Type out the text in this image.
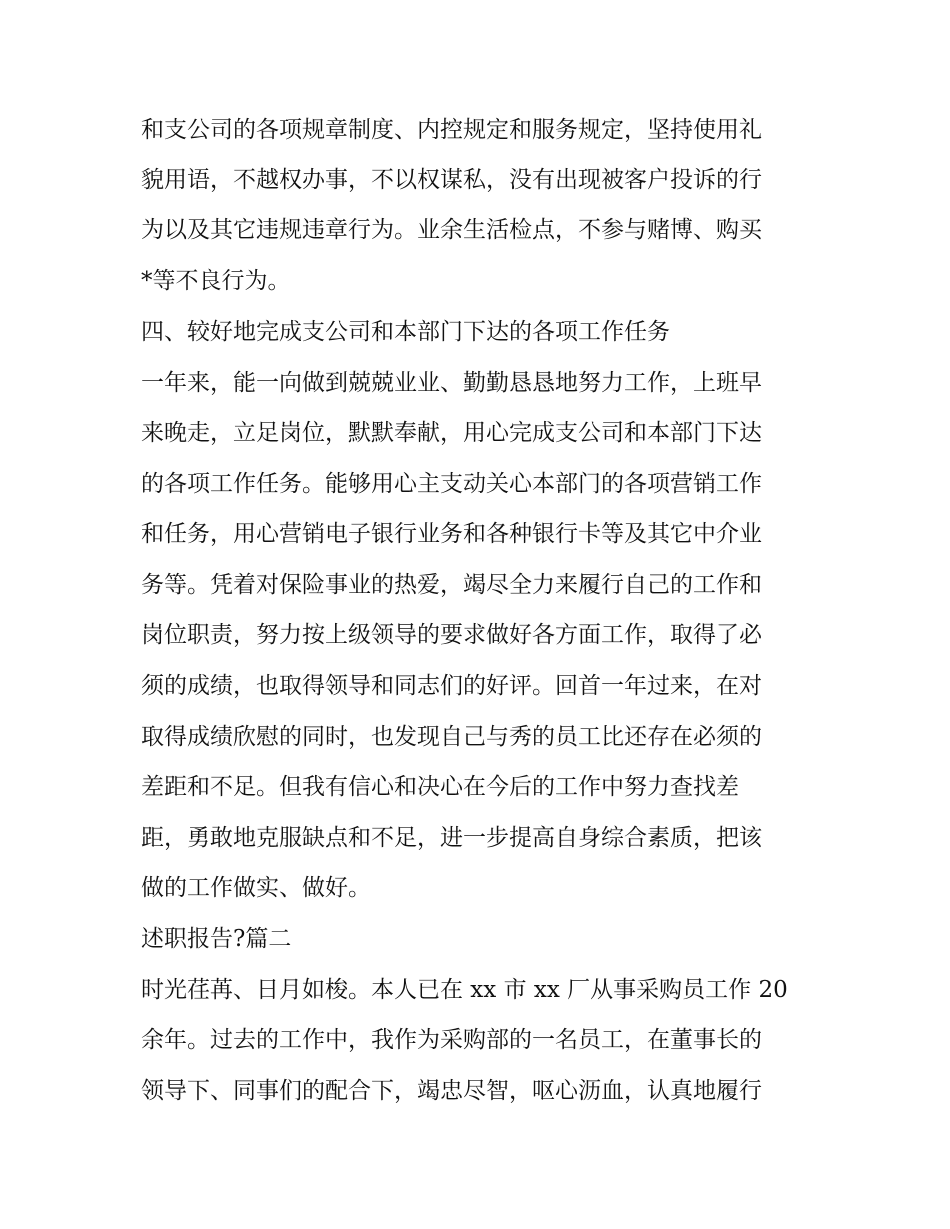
和支公司的各项规章制度、内控规定和服务规定，坚持使用礼
貌用语，不越权办事，不以权谋私，没有出现被客户投诉的行
为以及其它违规违章行为。业余生活检点，不参与赌博、购买
*等不良行为。
四、较好地完成支公司和本部门下达的各项工作任务
一年来，能一向做到兢兢业业、勤勤恳恳地努力工作，上班早
来晚走，立足岗位，默默奉献，用心完成支公司和本部门下达
的各项工作任务。能够用心主支动关心本部门的各项营销工作
和任务，用心营销电子银行业务和各种银行卡等及其它中介业
务等。凭着对保险事业的热爱，竭尽全力来履行自己的工作和
岗位职责，努力按上级领导的要求做好各方面工作，取得了必
须的成绩，也取得领导和同志们的好评。回首一年过来，在对
取得成绩欣慰的同时，也发现自己与秀的员工比还存在必须的
差距和不足。但我有信心和决心在今后的工作中努力查找差
距，勇敢地克服缺点和不足，进一步提高自身综合素质，把该
做的工作做实、做好。
述职报告?篇二
时光荏苒、日月如梭。本人已在 xx 市 xx 厂从事采购员工作 20
余年。过去的工作中，我作为采购部的一名员工，在董事长的
领导下、同事们的配合下，竭忠尽智，呕心沥血，认真地履行
